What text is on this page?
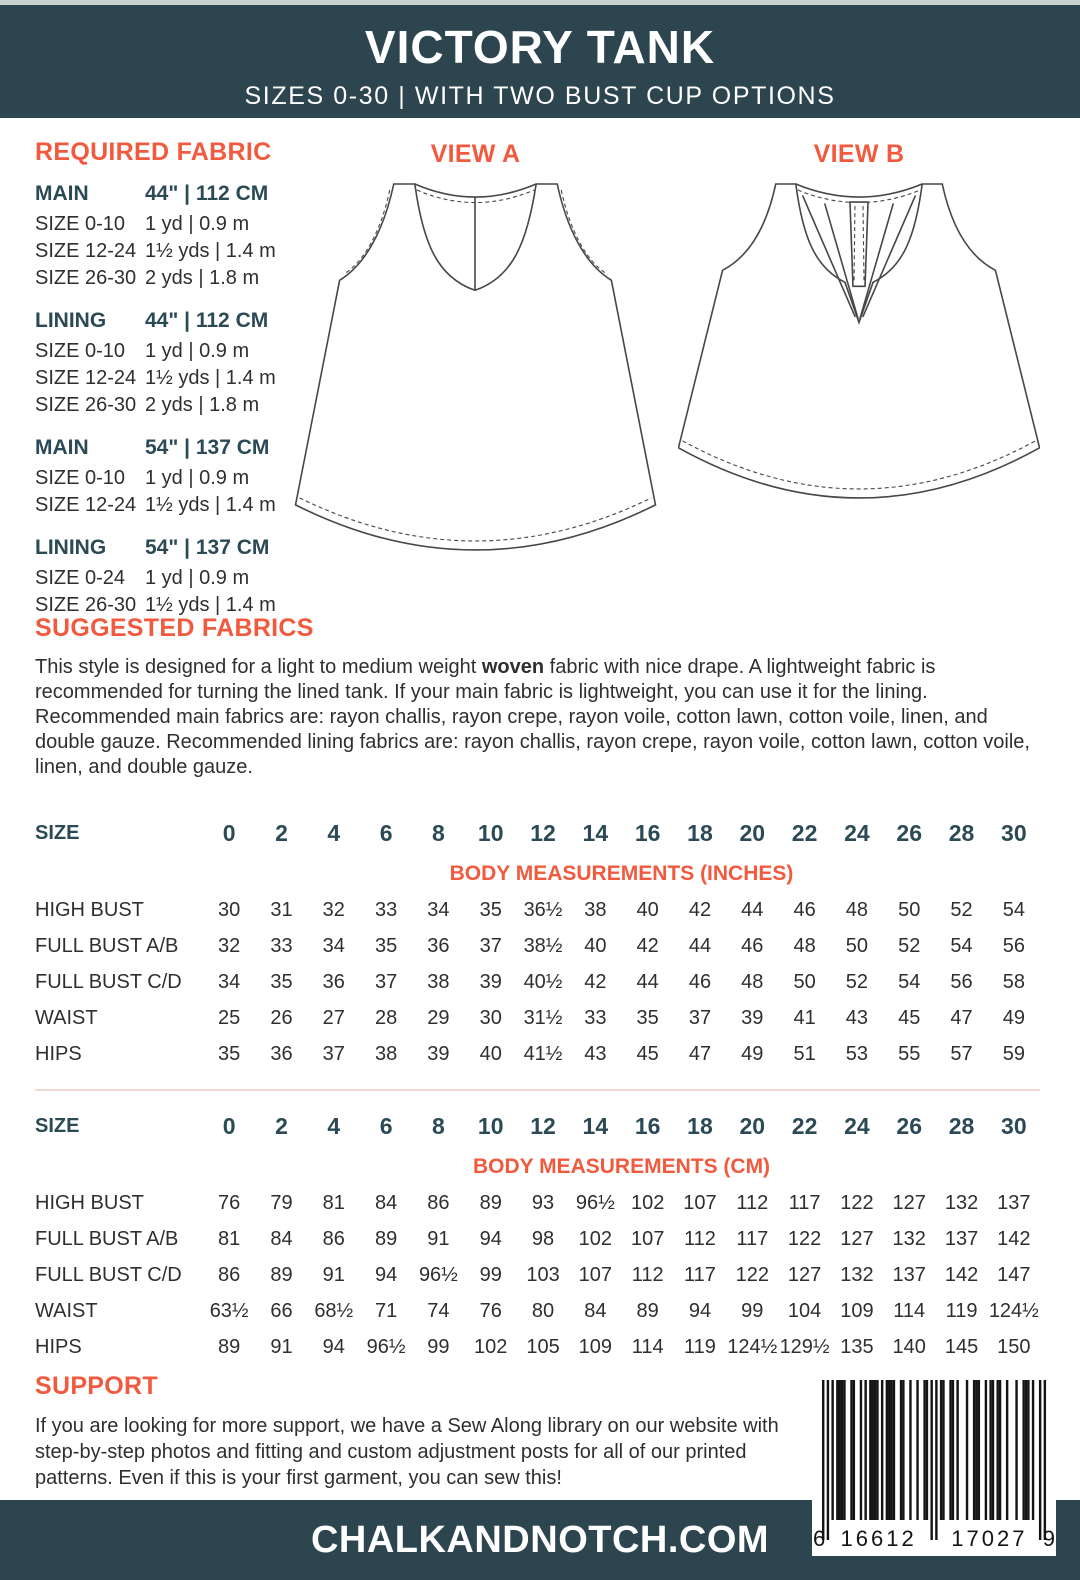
VICTORY TANK
SIZES 0-30 | WITH TWO BUST CUP OPTIONS
REQUIRED FABRIC
MAIN	44" | 112 CM
SIZE 0-10 1 yd | 0.9 m
SIZE 12-24 1½ yds | 1.4 m
SIZE 26-30 2 yds | 1.8 m
LINING	44" | 112 CM
SIZE 0-10 1 yd | 0.9 m
SIZE 12-24 1½ yds | 1.4 m
SIZE 26-30 2 yds | 1.8 m
MAIN	54" | 137 CM
SIZE 0-10 1 yd | 0.9 m
SIZE 12-24 1½ yds | 1.4 m
LINING	54" | 137 CM
SIZE 0-24 1 yd | 0.9 m
SIZE 26-30 1½ yds | 1.4 m
VIEW A	VIEW B
SUGGESTED FABRICS

This style is designed for a light to medium weight woven fabric with nice drape. A lightweight fabric is recommended for turning the lined tank. If your main fabric is lightweight, you can use it for the lining. Recommended main fabrics are: rayon challis, rayon crepe, rayon voile, cotton lawn, cotton voile, linen, and double gauze. Recommended lining fabrics are: rayon challis, rayon crepe, rayon voile, cotton lawn, cotton voile, linen, and double gauze.

SIZE	0	2	4	6	8	10	12	14	16	18	20	22	24	26	28	30
BODY MEASUREMENTS (INCHES)
HIGH BUST	30	31	32	33	34	35	36½	38	40	42	44	46	48	50	52	54
FULL BUST A/B	32	33	34	35	36	37	38½	40	42	44	46	48	50	52	54	56
FULL BUST C/D	34	35	36	37	38	39	40½	42	44	46	48	50	52	54	56	58
WAIST	25	26	27	28	29	30	31½	33	35	37	39	41	43	45	47	49
HIPS	35	36	37	38	39	40	41½	43	45	47	49	51	53	55	57	59
SIZE	0	2	4	6	8	10	12	14	16	18	20	22	24	26	28	30
BODY MEASUREMENTS (CM)
HIGH BUST	76	79	81	84	86	89	93	96½ 102 107 112	117 122 127 132 137
FULL BUST A/B	81	84	86	89	91	94	98	102 107 112	117 122 127 132 137 142
FULL BUST C/D	86	89	91	94	96½	99	103 107 112	117 122 127 132 137 142 147
WAIST	63½	66	68½	71	74	76	80	84	89	94	99	104 109 114	119 124½
HIPS	89	91	94	96½	99	102 105 109 114	119 124½ 129½ 135 140 145 150
SUPPORT

If you are looking for more support, we have a Sew Along library on our website with step-by-step photos and fitting and custom adjustment posts for all of our printed patterns. Even if this is your first garment, you can sew this!

CHALKANDNOTCH.COM	6 16612 17027 9
